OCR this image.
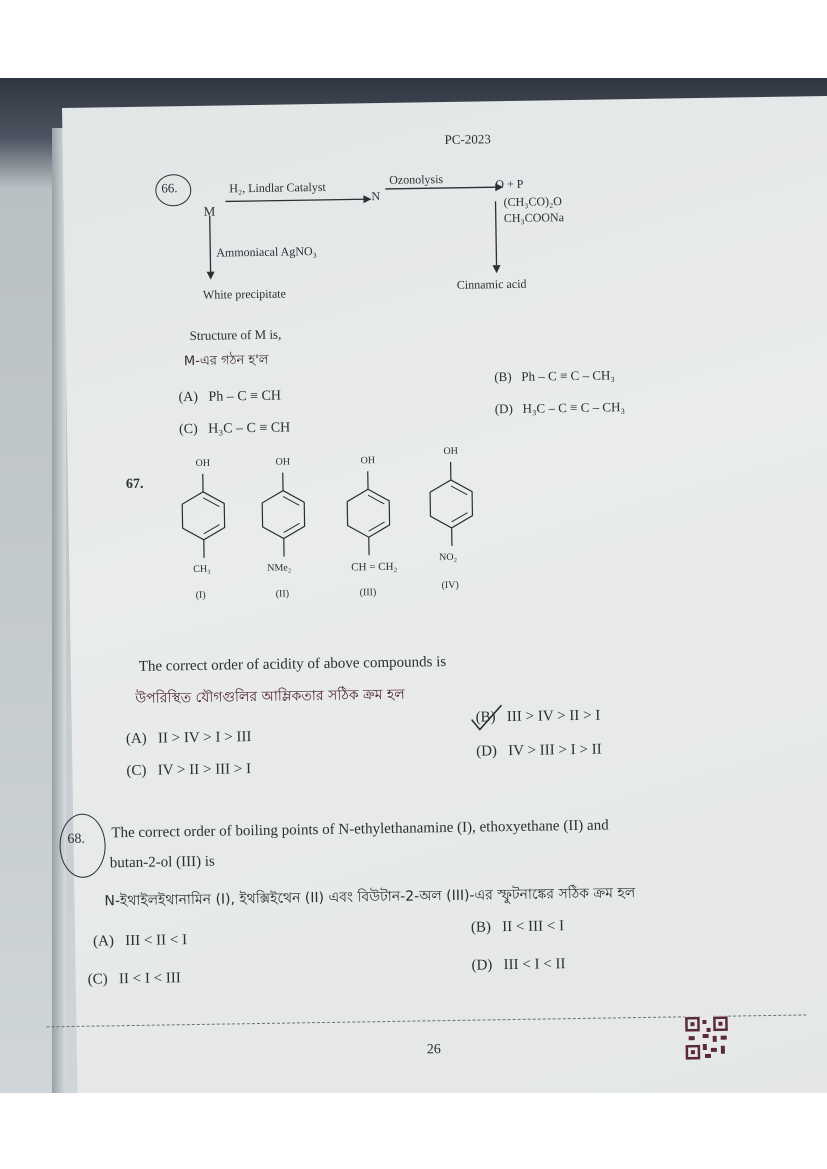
PC-2023
66.
M
H₂, Lindlar Catalyst
N
Ozonolysis	O + P
(CH₃CO)₂O
CH₃COONa
Cinnamic acid
Ammoniacal AgNO₃
White precipitate
Structure of M is,
M-এর গঠন হ'ল
(A) Ph – C ≡ CH
(B) Ph – C ≡ C – CH₃
(C) H₃C – C ≡ CH
(D) H₃C – C ≡ C – CH₃
67.
OH	OH	OH
OH
CH₃	NMe₂	CH = CH₂
NO₂
(I)	(II)	(III)
(IV)
The correct order of acidity of above compounds is
উপরিস্থিত যৌগগুলির আম্লিকতার সঠিক ক্রম হল
(A) II > IV > I > III
(B) III > IV > II > I
(C) IV > II > III > I
(D) IV > III > I > II
68. The correct order of boiling points of N-ethylethanamine (I), ethoxyethane (II) and
butan-2-ol (III) is
N-ইথাইলইথানামিন (I), ইথক্সিইথেন (II) এবং বিউটান-2-অল (III)-এর স্ফুটনাঙ্কের সঠিক ক্রম হল
(A) III < II < I
(B) II < III < I
(C) II < I < III
(D) III < I < II
26
